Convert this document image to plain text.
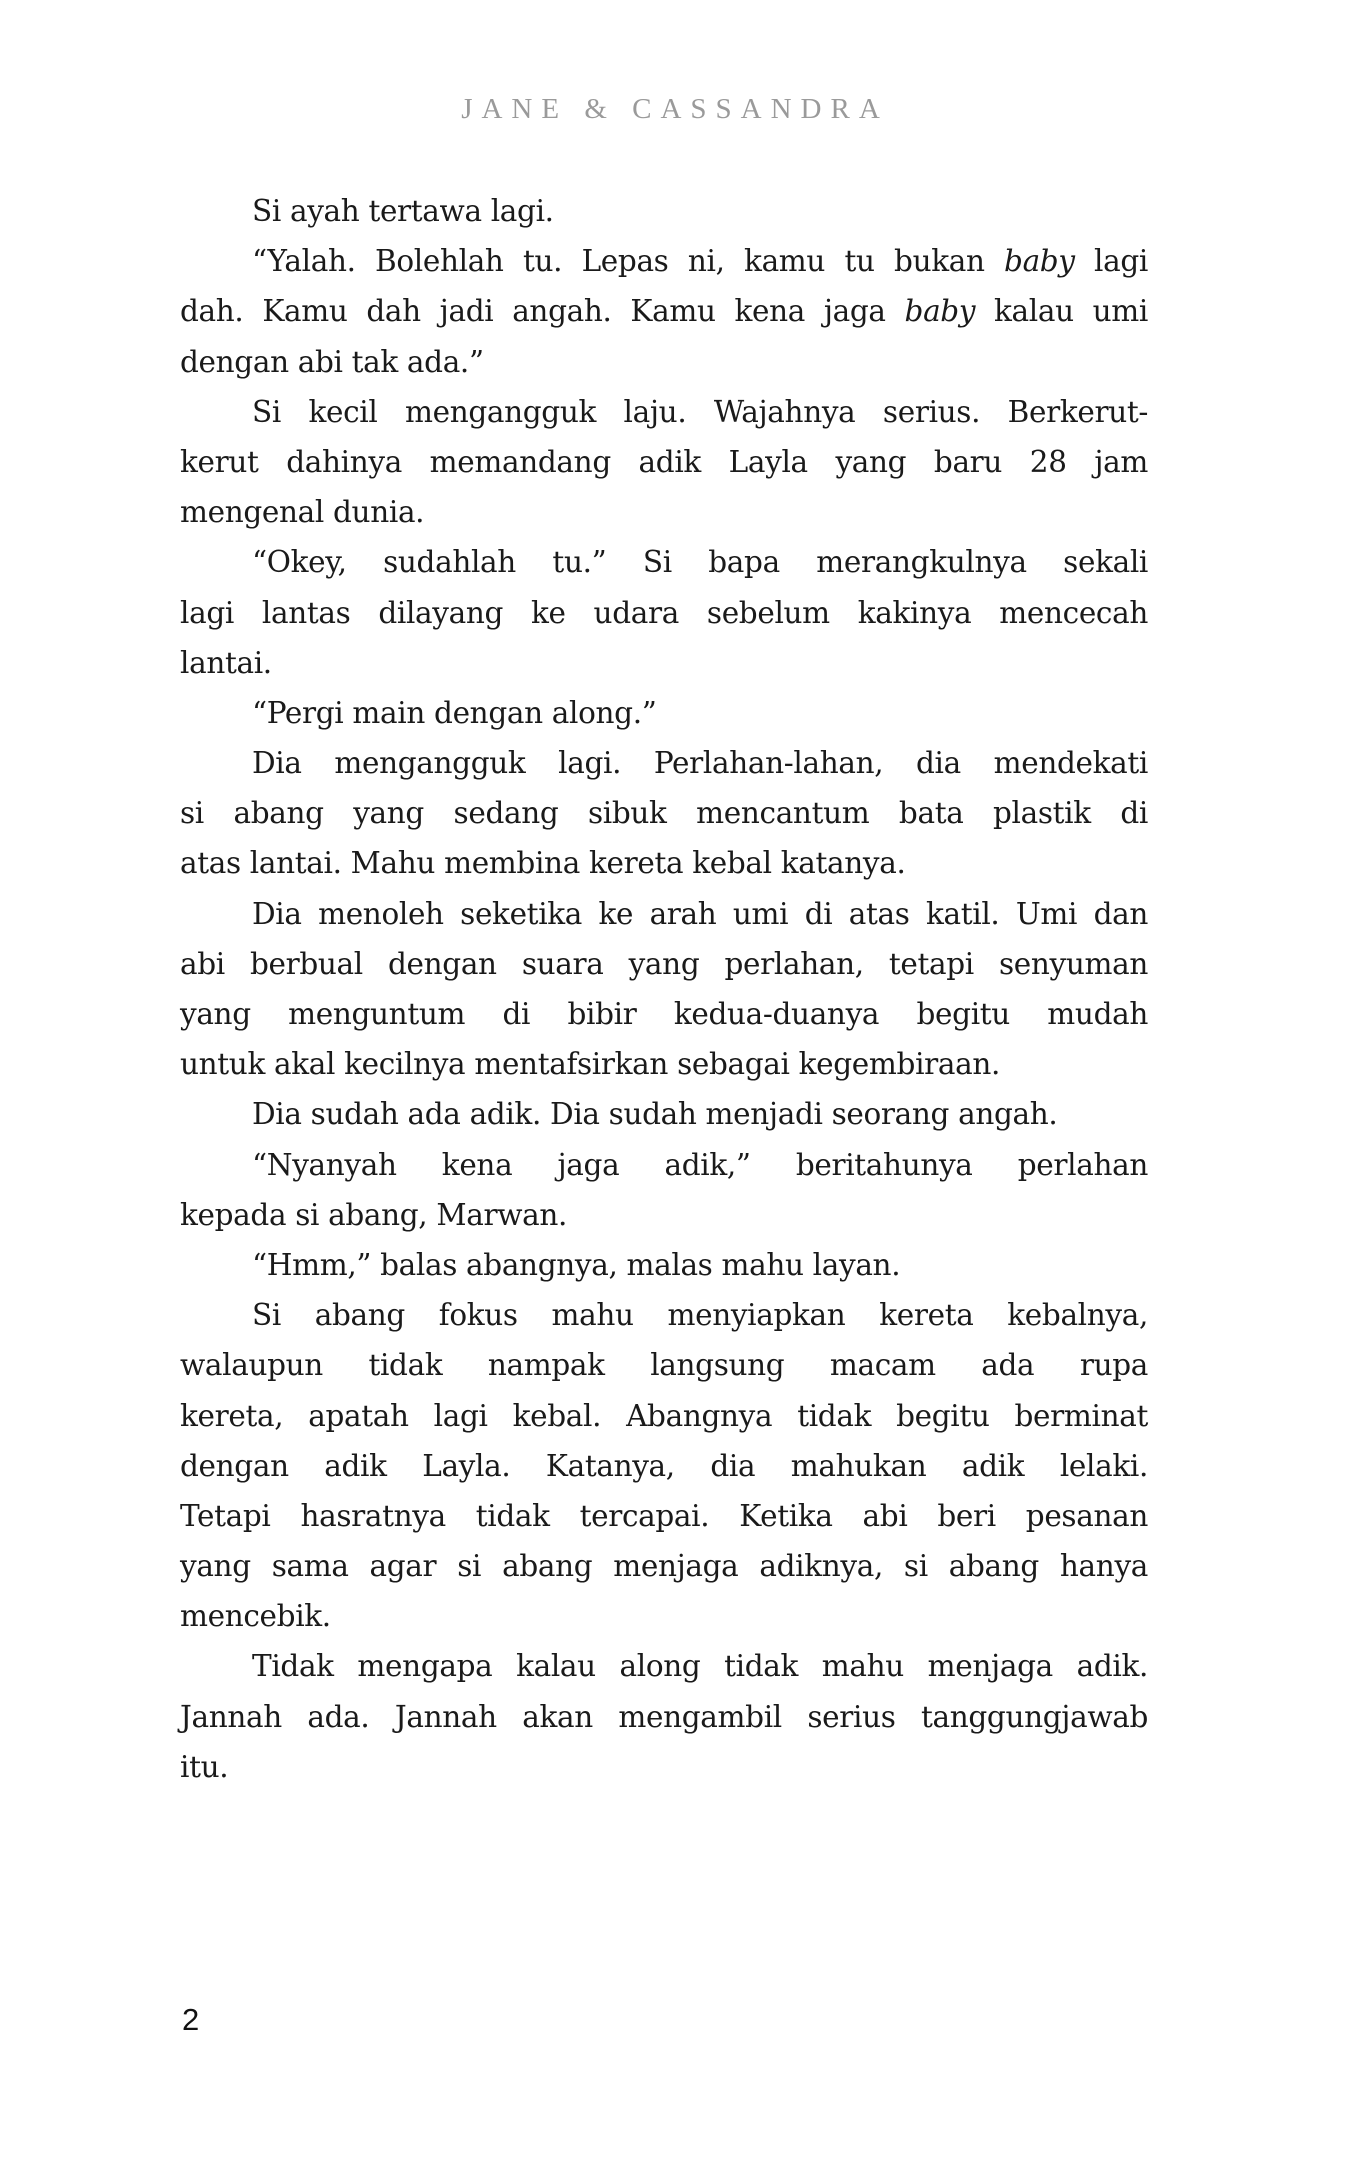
JANE & CASSANDRA
Si ayah tertawa lagi.
“Yalah. Bolehlah tu. Lepas ni, kamu tu bukan baby lagi
dah. Kamu dah jadi angah. Kamu kena jaga baby kalau umi
dengan abi tak ada.”
Si kecil mengangguk laju. Wajahnya serius. Berkerut-
kerut dahinya memandang adik Layla yang baru 28 jam
mengenal dunia.
“Okey, sudahlah tu.” Si bapa merangkulnya sekali
lagi lantas dilayang ke udara sebelum kakinya mencecah
lantai.
“Pergi main dengan along.”
Dia mengangguk lagi. Perlahan-lahan, dia mendekati
si abang yang sedang sibuk mencantum bata plastik di
atas lantai. Mahu membina kereta kebal katanya.
Dia menoleh seketika ke arah umi di atas katil. Umi dan
abi berbual dengan suara yang perlahan, tetapi senyuman
yang menguntum di bibir kedua-duanya begitu mudah
untuk akal kecilnya mentafsirkan sebagai kegembiraan.
Dia sudah ada adik. Dia sudah menjadi seorang angah.
“Nyanyah kena jaga adik,” beritahunya perlahan
kepada si abang, Marwan.
“Hmm,” balas abangnya, malas mahu layan.
Si abang fokus mahu menyiapkan kereta kebalnya,
walaupun tidak nampak langsung macam ada rupa
kereta, apatah lagi kebal. Abangnya tidak begitu berminat
dengan adik Layla. Katanya, dia mahukan adik lelaki.
Tetapi hasratnya tidak tercapai. Ketika abi beri pesanan
yang sama agar si abang menjaga adiknya, si abang hanya
mencebik.
Tidak mengapa kalau along tidak mahu menjaga adik.
Jannah ada. Jannah akan mengambil serius tanggungjawab
itu.
2
